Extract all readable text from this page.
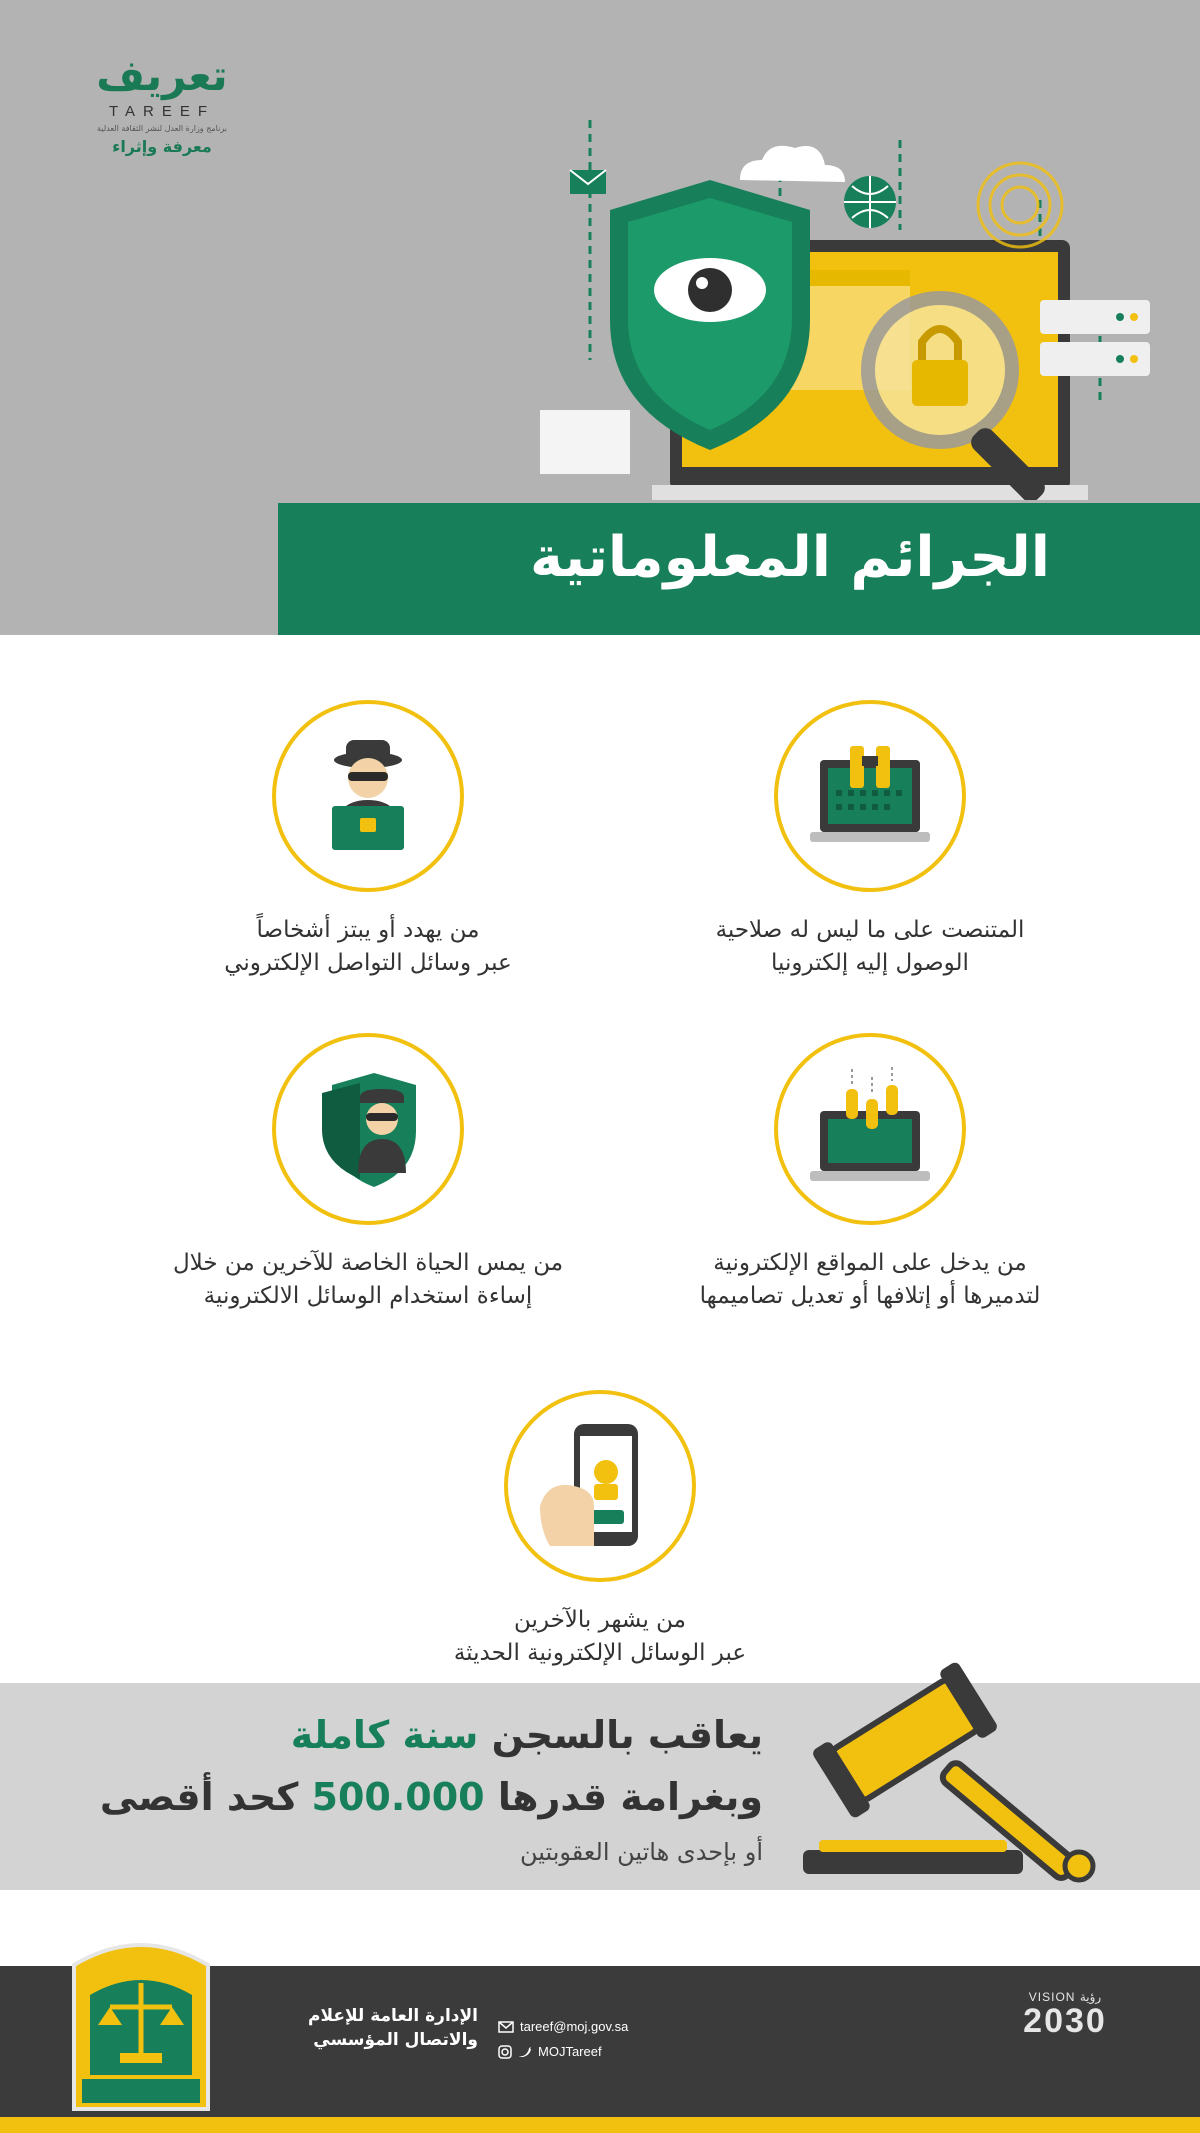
تعريف
TAREEF
برنامج وزارة العدل لنشر الثقافة العدلية
معرفة وإثراء
الجرائم المعلوماتية
المتنصت على ما ليس له صلاحية
الوصول إليه إلكترونيا
من يهدد أو يبتز أشخاصاً
عبر وسائل التواصل الإلكتروني
من يدخل على المواقع الإلكترونية
لتدميرها أو إتلافها أو تعديل تصاميمها
من يمس الحياة الخاصة للآخرين من خلال
إساءة استخدام الوسائل الالكترونية
من يشهر بالآخرين
عبر الوسائل الإلكترونية الحديثة
يعاقب بالسجن سنة كاملة
وبغرامة قدرها 500.000 كحد أقصى
أو بإحدى هاتين العقوبتين
الإدارة العامة للإعلام
والاتصال المؤسسي
tareef@moj.gov.sa
MOJTareef
VISION رؤية
2030
